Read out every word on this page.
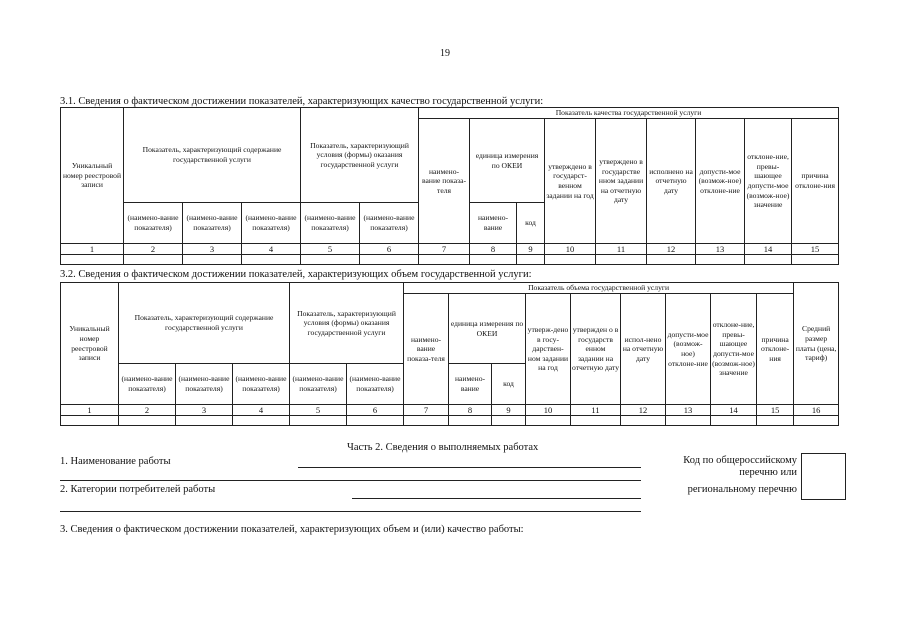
19
3.1. Сведения о фактическом достижении показателей, характеризующих качество государственной услуги:
Уникальный номер реестровой записи	Показатель, характеризующий содержание государственной услуги			Показатель, характеризующий условия (формы) оказания государственной услуги		Показатель качества государственной услуги								
						наимено-вание показа-теля	единица измерения по ОКЕИ		утверждено в государст-венном задании на год	утверждено в государстве нном задании на отчетную дату	исполнено на отчетную дату	допусти-мое (возмож-ное) отклоне-ние	отклоне-ние, превы-шающее допусти-мое (возмож-ное) значение	причина отклоне-ния
	(наимено-вание показателя)	(наимено-вание показателя)	(наимено-вание показателя)	(наимено-вание показателя)	(наимено-вание показателя)		наимено-вание	код						
1	2	3	4	5	6	7	8	9	10	11	12	13	14	15

3.2. Сведения о фактическом достижении показателей, характеризующих объем государственной услуги:
Уникальный номер реестровой записи	Показатель, характеризующий содержание государственной услуги			Показатель, характеризующий условия (формы) оказания государственной услуги		Показатель объема государственной услуги									Средний размер платы (цена, тариф)
						наимено-вание показа-теля	единица измерения по ОКЕИ		утверж-дено в госу-дарствен-ном задании на год	утвержден о в государств енном задании на отчетную дату	испол-нено на отчетную дату	допусти-мое (возмож-ное) отклоне-ние	отклоне-ние, превы-шающее допусти-мое (возмож-ное) значение	причина отклоне-ния	
	(наимено-вание показателя)	(наимено-вание показателя)	(наимено-вание показателя)	(наимено-вание показателя)	(наимено-вание показателя)		наимено-вание	код							
1	2	3	4	5	6	7	8	9	10	11	12	13	14	15	16

Часть 2. Сведения о выполняемых работах
1. Наименование работы
2. Категории потребителей работы
Код по общероссийскому
перечню или
региональному перечню
3. Сведения о фактическом достижении показателей, характеризующих объем и (или) качество работы:
